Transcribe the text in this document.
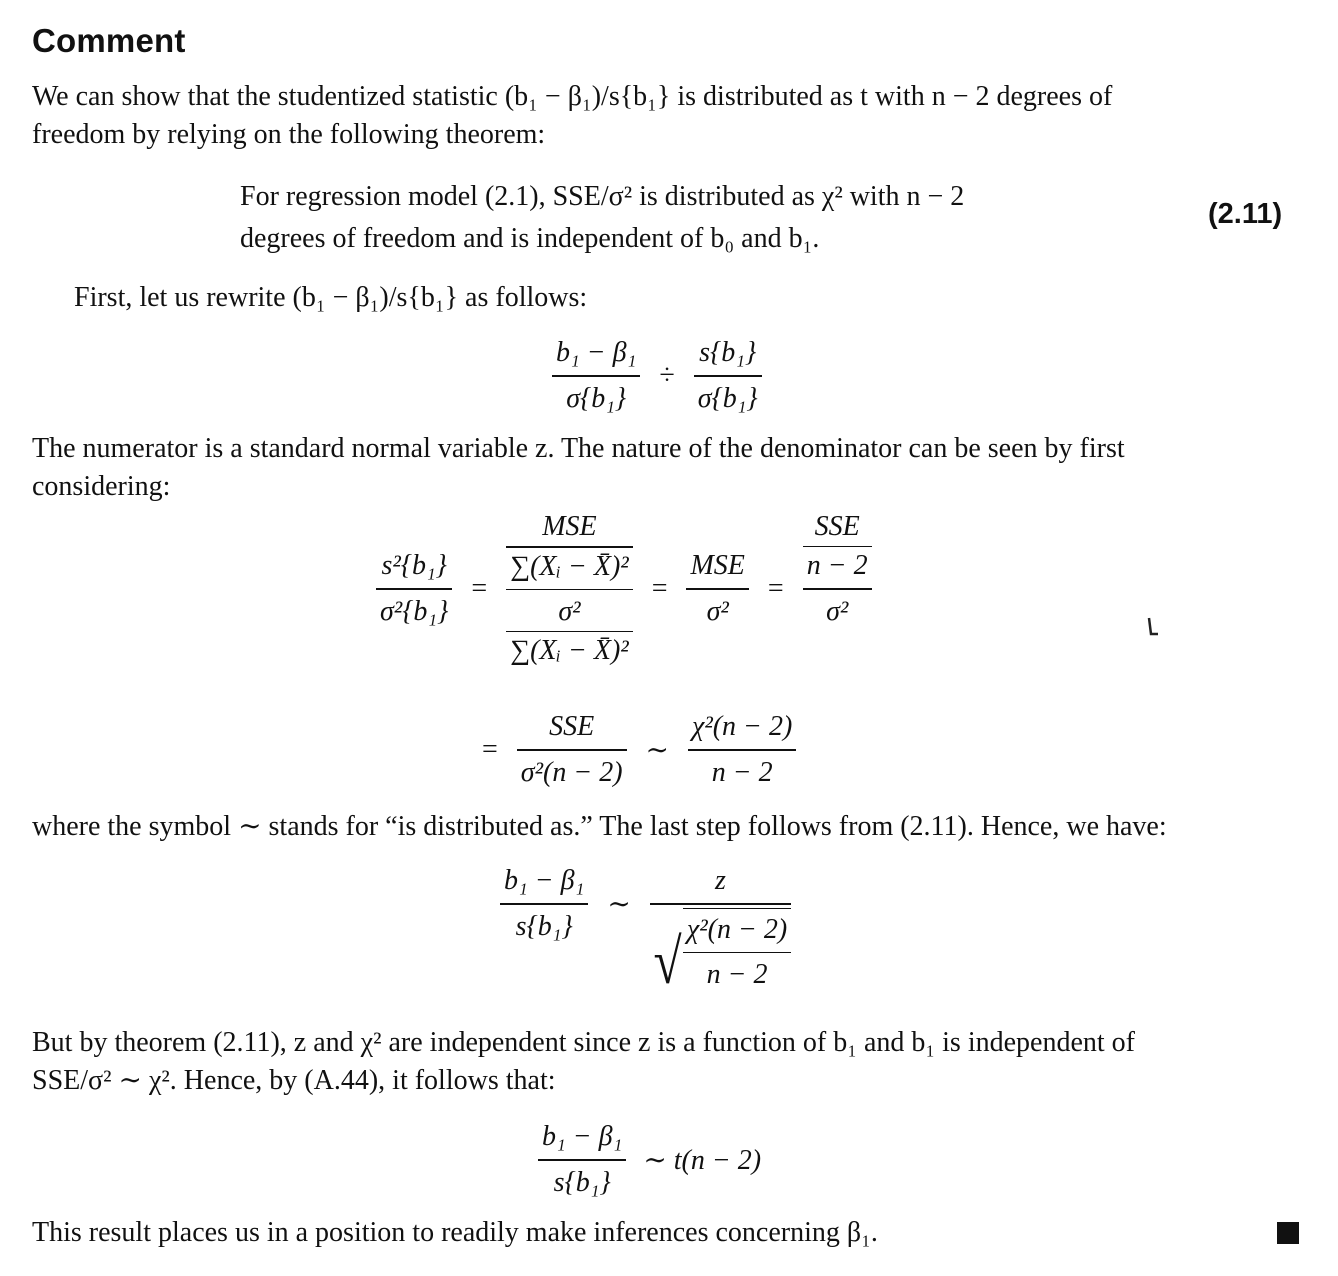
Comment
We can show that the studentized statistic (b₁ − β₁)/s{b₁} is distributed as t with n − 2 degrees of
freedom by relying on the following theorem:
For regression model (2.1), SSE/σ² is distributed as χ² with n − 2
degrees of freedom and is independent of b₀ and b₁.
(2.11)
First, let us rewrite (b₁ − β₁)/s{b₁} as follows:
$\frac{\text{b₁ − β₁}}{\text{σ\{b₁\}}} \div \frac{\text{s\{b₁\}}}{\text{σ\{b₁\}}}$
The numerator is a standard normal variable z. The nature of the denominator can be seen by first
considering:
$\frac{\text{s²\{b₁\}}}{\text{σ²\{b₁\}}}$ =
$\frac{\text{MSE}}{\text{∑(Xᵢ − X̄)²}}$
σ²
∑(Xᵢ − X̄)²
= $\frac{\text{MSE}}{\text{σ²}} = \frac{\frac{\text{SSE}}{n - 2}}{\text{σ²}}$
= $\frac{\text{SSE}}{\text{σ²(n − 2)}}$ ∼ $\frac{\text{χ²(n − 2)}}{n - 2}$
where the symbol ∼ stands for “is distributed as.” The last step follows from (2.11). Hence, we have:
$\frac{\text{b₁ − β₁}}{\text{s\{b₁\}}}$ ∼ $\frac{z}{√ \frac{\text{χ²(n − 2)}}{n - 2}}$
But by theorem (2.11), z and χ² are independent since z is a function of b₁ and b₁ is independent of
SSE/σ² ∼ χ². Hence, by (A.44), it follows that:
$\frac{\text{b₁ − β₁}}{\text{s\{b₁\}}}$ ∼ t(n − 2)
This result places us in a position to readily make inferences concerning β₁.
